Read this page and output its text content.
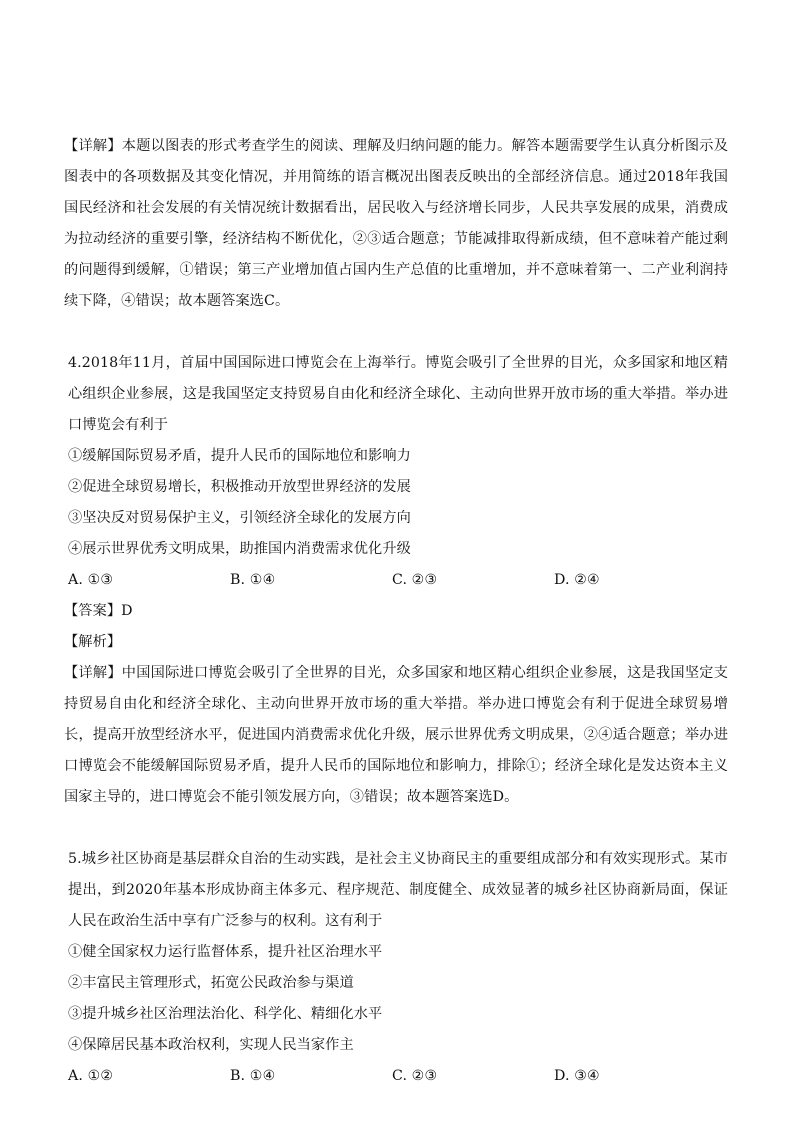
【详解】本题以图表的形式考查学生的阅读、理解及归纳问题的能力。解答本题需要学生认真分析图示及图表中的各项数据及其变化情况，并用简练的语言概况出图表反映出的全部经济信息。通过2018年我国国民经济和社会发展的有关情况统计数据看出，居民收入与经济增长同步，人民共享发展的成果，消费成为拉动经济的重要引擎，经济结构不断优化，②③适合题意；节能减排取得新成绩，但不意味着产能过剩的问题得到缓解，①错误；第三产业增加值占国内生产总值的比重增加，并不意味着第一、二产业利润持续下降，④错误；故本题答案选C。

4.2018年11月，首届中国国际进口博览会在上海举行。博览会吸引了全世界的目光，众多国家和地区精心组织企业参展，这是我国坚定支持贸易自由化和经济全球化、主动向世界开放市场的重大举措。举办进口博览会有利于

①缓解国际贸易矛盾，提升人民币的国际地位和影响力

②促进全球贸易增长，积极推动开放型世界经济的发展

③坚决反对贸易保护主义，引领经济全球化的发展方向

④展示世界优秀文明成果，助推国内消费需求优化升级

A. ①③	B. ①④	C. ②③	D. ②④

【答案】D

【解析】

【详解】中国国际进口博览会吸引了全世界的目光，众多国家和地区精心组织企业参展，这是我国坚定支持贸易自由化和经济全球化、主动向世界开放市场的重大举措。举办进口博览会有利于促进全球贸易增长，提高开放型经济水平，促进国内消费需求优化升级，展示世界优秀文明成果，②④适合题意；举办进口博览会不能缓解国际贸易矛盾，提升人民币的国际地位和影响力，排除①；经济全球化是发达资本主义国家主导的，进口博览会不能引领发展方向，③错误；故本题答案选D。

5.城乡社区协商是基层群众自治的生动实践，是社会主义协商民主的重要组成部分和有效实现形式。某市提出，到2020年基本形成协商主体多元、程序规范、制度健全、成效显著的城乡社区协商新局面，保证人民在政治生活中享有广泛参与的权利。这有利于

①健全国家权力运行监督体系，提升社区治理水平

②丰富民主管理形式，拓宽公民政治参与渠道

③提升城乡社区治理法治化、科学化、精细化水平

④保障居民基本政治权利，实现人民当家作主

A. ①②	B. ①④	C. ②③	D. ③④
